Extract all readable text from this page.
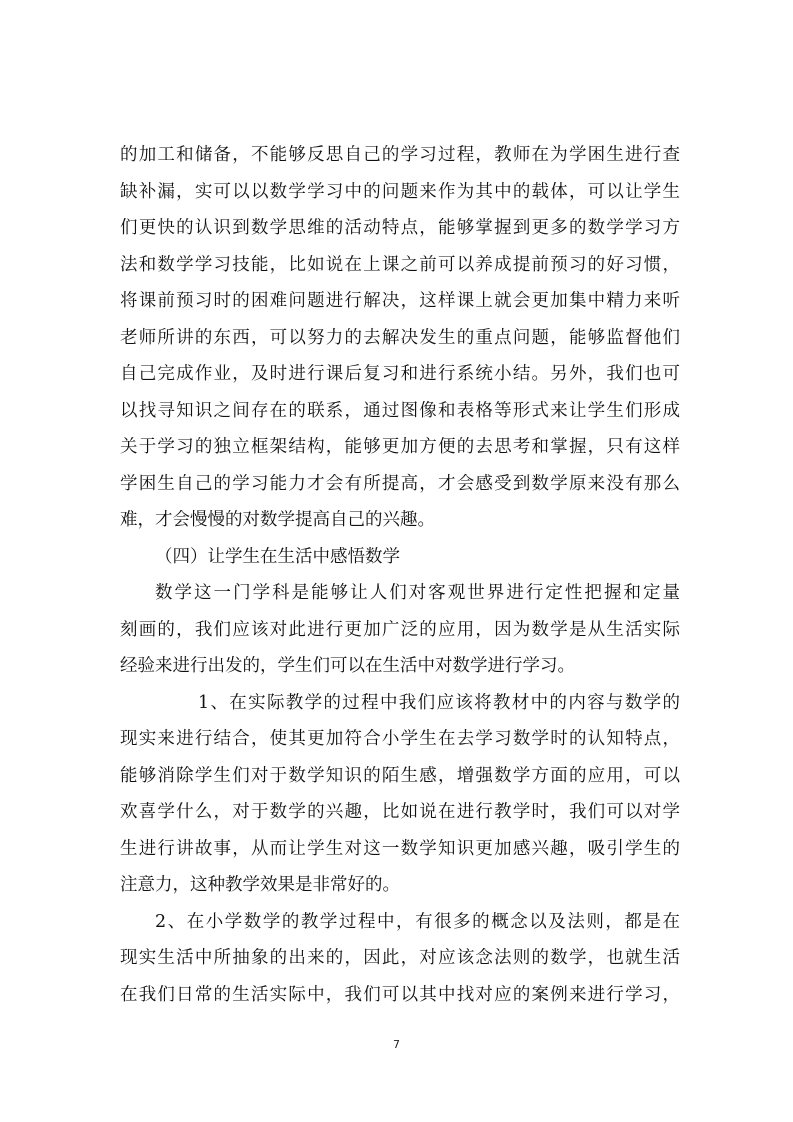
的加工和储备，不能够反思自己的学习过程，教师在为学困生进行查
缺补漏，实可以以数学学习中的问题来作为其中的载体，可以让学生
们更快的认识到数学思维的活动特点，能够掌握到更多的数学学习方
法和数学学习技能，比如说在上课之前可以养成提前预习的好习惯，
将课前预习时的困难问题进行解决，这样课上就会更加集中精力来听
老师所讲的东西，可以努力的去解决发生的重点问题，能够监督他们
自己完成作业，及时进行课后复习和进行系统小结。另外，我们也可
以找寻知识之间存在的联系，通过图像和表格等形式来让学生们形成
关于学习的独立框架结构，能够更加方便的去思考和掌握，只有这样
学困生自己的学习能力才会有所提高，才会感受到数学原来没有那么
难，才会慢慢的对数学提高自己的兴趣。
（四）让学生在生活中感悟数学
数学这一门学科是能够让人们对客观世界进行定性把握和定量
刻画的，我们应该对此进行更加广泛的应用，因为数学是从生活实际
经验来进行出发的，学生们可以在生活中对数学进行学习。
1、在实际教学的过程中我们应该将教材中的内容与数学的
现实来进行结合，使其更加符合小学生在去学习数学时的认知特点，
能够消除学生们对于数学知识的陌生感，增强数学方面的应用，可以
欢喜学什么，对于数学的兴趣，比如说在进行教学时，我们可以对学
生进行讲故事，从而让学生对这一数学知识更加感兴趣，吸引学生的
注意力，这种教学效果是非常好的。
2、在小学数学的教学过程中，有很多的概念以及法则，都是在
现实生活中所抽象的出来的，因此，对应该念法则的数学，也就生活
在我们日常的生活实际中，我们可以其中找对应的案例来进行学习，
7
